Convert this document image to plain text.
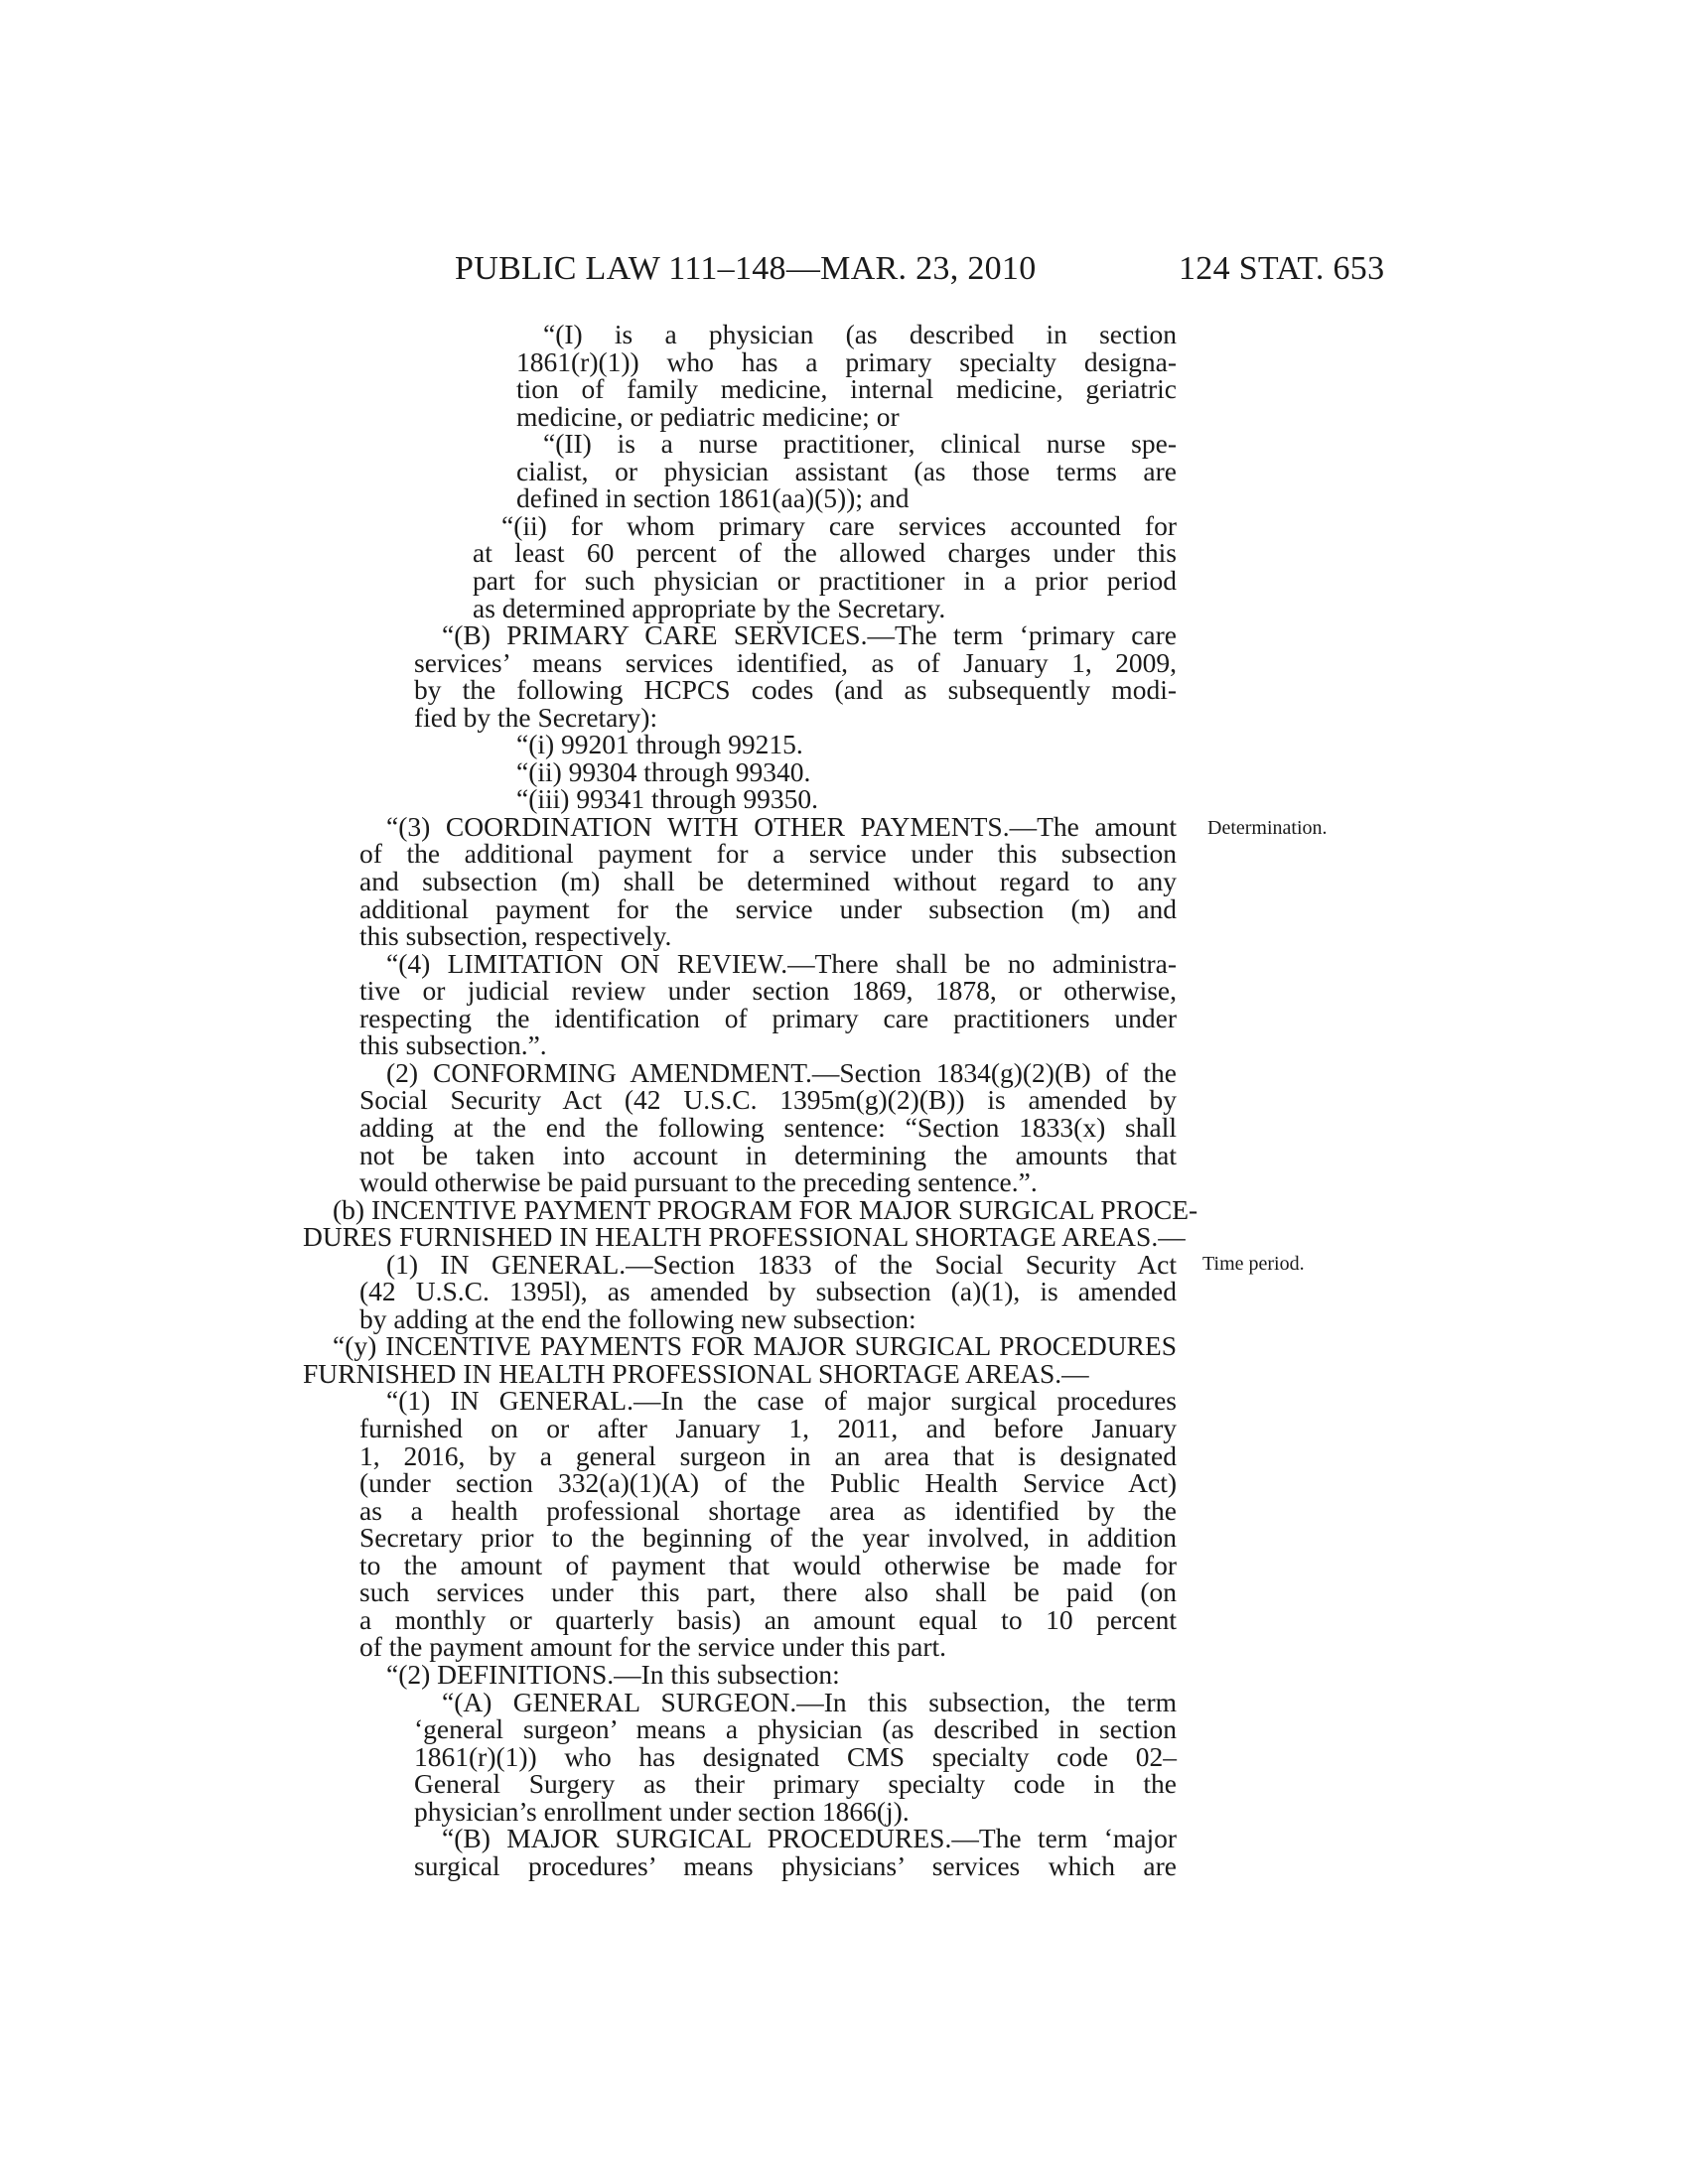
PUBLIC LAW 111–148—MAR. 23, 2010	124 STAT. 653
“(I) is a physician (as described in section
1861(r)(1)) who has a primary specialty designa-
tion of family medicine, internal medicine, geriatric
medicine, or pediatric medicine; or
“(II) is a nurse practitioner, clinical nurse spe-
cialist, or physician assistant (as those terms are
defined in section 1861(aa)(5)); and
“(ii) for whom primary care services accounted for
at least 60 percent of the allowed charges under this
part for such physician or practitioner in a prior period
as determined appropriate by the Secretary.
“(B) PRIMARY CARE SERVICES.—The term ‘primary care
services’ means services identified, as of January 1, 2009,
by the following HCPCS codes (and as subsequently modi-
fied by the Secretary):
“(i) 99201 through 99215.
“(ii) 99304 through 99340.
“(iii) 99341 through 99350.
“(3) COORDINATION WITH OTHER PAYMENTS.—The amount
of the additional payment for a service under this subsection
and subsection (m) shall be determined without regard to any
additional payment for the service under subsection (m) and
this subsection, respectively.
“(4) LIMITATION ON REVIEW.—There shall be no administra-
tive or judicial review under section 1869, 1878, or otherwise,
respecting the identification of primary care practitioners under
this subsection.”.
(2) CONFORMING AMENDMENT.—Section 1834(g)(2)(B) of the
Social Security Act (42 U.S.C. 1395m(g)(2)(B)) is amended by
adding at the end the following sentence: “Section 1833(x) shall
not be taken into account in determining the amounts that
would otherwise be paid pursuant to the preceding sentence.”.
(b) INCENTIVE PAYMENT PROGRAM FOR MAJOR SURGICAL PROCE-
DURES FURNISHED IN HEALTH PROFESSIONAL SHORTAGE AREAS.—
(1) IN GENERAL.—Section 1833 of the Social Security Act
(42 U.S.C. 1395l), as amended by subsection (a)(1), is amended
by adding at the end the following new subsection:
“(y) INCENTIVE PAYMENTS FOR MAJOR SURGICAL PROCEDURES
FURNISHED IN HEALTH PROFESSIONAL SHORTAGE AREAS.—
“(1) IN GENERAL.—In the case of major surgical procedures
furnished on or after January 1, 2011, and before January
1, 2016, by a general surgeon in an area that is designated
(under section 332(a)(1)(A) of the Public Health Service Act)
as a health professional shortage area as identified by the
Secretary prior to the beginning of the year involved, in addition
to the amount of payment that would otherwise be made for
such services under this part, there also shall be paid (on
a monthly or quarterly basis) an amount equal to 10 percent
of the payment amount for the service under this part.
“(2) DEFINITIONS.—In this subsection:
“(A) GENERAL SURGEON.—In this subsection, the term
‘general surgeon’ means a physician (as described in section
1861(r)(1)) who has designated CMS specialty code 02–
General Surgery as their primary specialty code in the
physician’s enrollment under section 1866(j).
“(B) MAJOR SURGICAL PROCEDURES.—The term ‘major
surgical procedures’ means physicians’ services which are
Determination.
Time period.
